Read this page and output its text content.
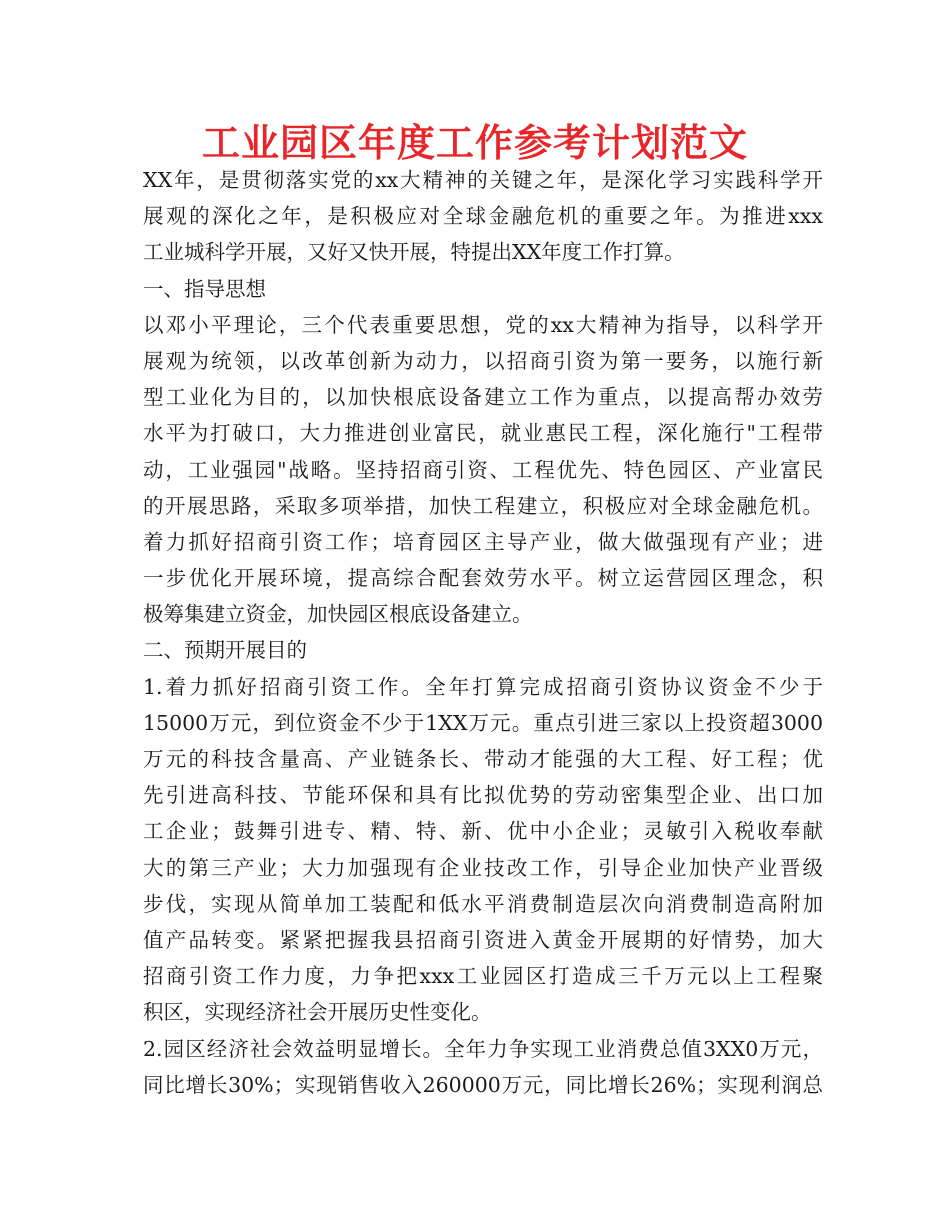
工业园区年度工作参考计划范文
XX年，是贯彻落实党的xx大精神的关键之年，是深化学习实践科学开
展观的深化之年，是积极应对全球金融危机的重要之年。为推进xxx
工业城科学开展，又好又快开展，特提出XX年度工作打算。
一、指导思想
以邓小平理论，三个代表重要思想，党的xx大精神为指导，以科学开
展观为统领，以改革创新为动力，以招商引资为第一要务，以施行新
型工业化为目的，以加快根底设备建立工作为重点，以提高帮办效劳
水平为打破口，大力推进创业富民，就业惠民工程，深化施行"工程带
动，工业强园"战略。坚持招商引资、工程优先、特色园区、产业富民
的开展思路，采取多项举措，加快工程建立，积极应对全球金融危机。
着力抓好招商引资工作；培育园区主导产业，做大做强现有产业；进
一步优化开展环境，提高综合配套效劳水平。树立运营园区理念，积
极筹集建立资金，加快园区根底设备建立。
二、预期开展目的
1.着力抓好招商引资工作。全年打算完成招商引资协议资金不少于
15000万元，到位资金不少于1XX万元。重点引进三家以上投资超3000
万元的科技含量高、产业链条长、带动才能强的大工程、好工程；优
先引进高科技、节能环保和具有比拟优势的劳动密集型企业、出口加
工企业；鼓舞引进专、精、特、新、优中小企业；灵敏引入税收奉献
大的第三产业；大力加强现有企业技改工作，引导企业加快产业晋级
步伐，实现从简单加工装配和低水平消费制造层次向消费制造高附加
值产品转变。紧紧把握我县招商引资进入黄金开展期的好情势，加大
招商引资工作力度，力争把xxx工业园区打造成三千万元以上工程聚
积区，实现经济社会开展历史性变化。
2.园区经济社会效益明显增长。全年力争实现工业消费总值3XX0万元，
同比增长30%；实现销售收入260000万元，同比增长26%；实现利润总
